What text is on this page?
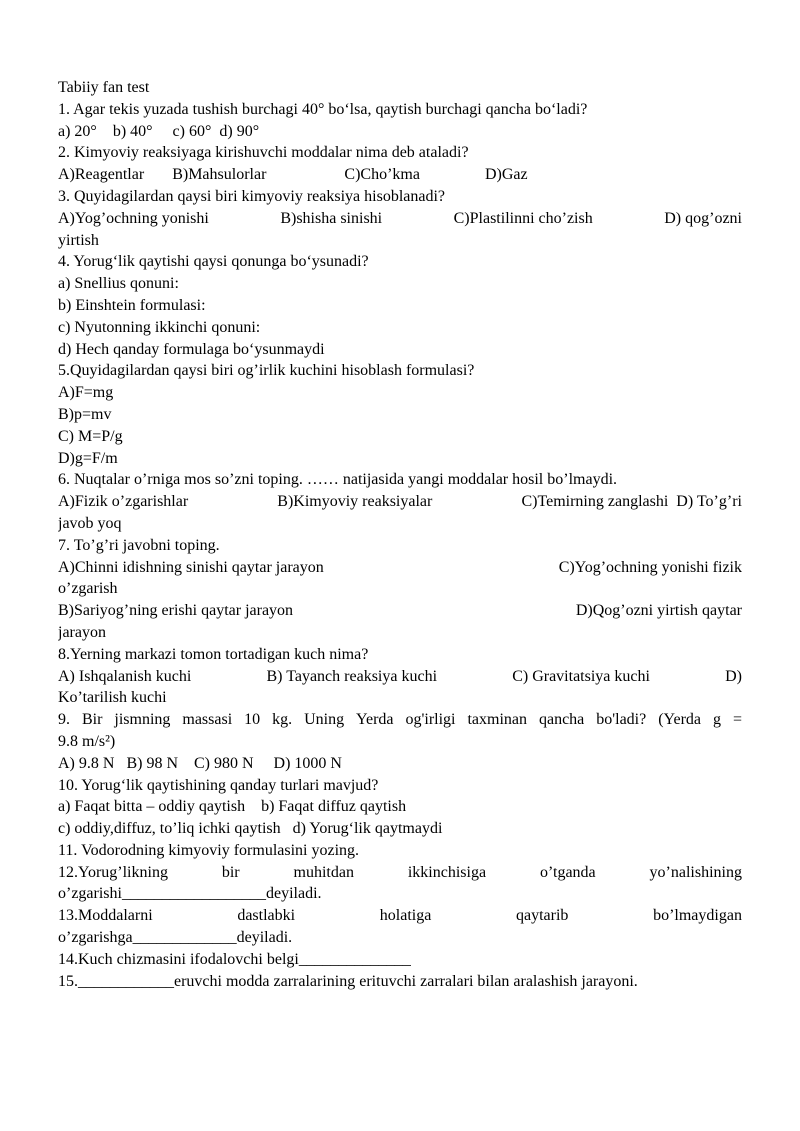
Tabiiy fan test
1. Agar tekis yuzada tushish burchagi 40° bo‘lsa, qaytish burchagi qancha bo‘ladi?
a) 20°    b) 40°     c) 60°  d) 90°
2. Kimyoviy reaksiyaga kirishuvchi moddalar nima deb ataladi?
A)Reagentlar B)Mahsulorlar	C)Cho’kma	D)Gaz
3. Quyidagilardan qaysi biri kimyoviy reaksiya hisoblanadi?
A)Yog’ochning yonishi	B)shisha sinishi	C)Plastilinni cho’zish	D) qog’ozni
yirtish
4. Yorug‘lik qaytishi qaysi qonunga bo‘ysunadi?
a) Snellius qonuni:
b) Einshtein formulasi:
c) Nyutonning ikkinchi qonuni:
d) Hech qanday formulaga bo‘ysunmaydi
5.Quyidagilardan qaysi biri og’irlik kuchini hisoblash formulasi?
A)F=mg
B)p=mv
C) M=P/g
D)g=F/m
6. Nuqtalar o’rniga mos so’zni toping. …… natijasida yangi moddalar hosil bo’lmaydi.
A)Fizik o’zgarishlar	B)Kimyoviy reaksiyalar	C)Temirning zanglashi  D) To’g’ri
javob yoq
7. To’g’ri javobni toping.
A)Chinni idishning sinishi qaytar jarayon	C)Yog’ochning yonishi fizik
o’zgarish
B)Sariyog’ning erishi qaytar jarayon	D)Qog’ozni yirtish qaytar
jarayon
8.Yerning markazi tomon tortadigan kuch nima?
A) Ishqalanish kuchi	B) Tayanch reaksiya kuchi	C) Gravitatsiya kuchi	D)
Ko’tarilish kuchi
9. Bir jismning massasi 10 kg. Uning Yerda og'irligi taxminan qancha bo'ladi? (Yerda g =
9.8 m/s²)
A) 9.8 N   B) 98 N    C) 980 N     D) 1000 N
10. Yorug‘lik qaytishining qanday turlari mavjud?
a) Faqat bitta – oddiy qaytish    b) Faqat diffuz qaytish
c) oddiy,diffuz, to’liq ichki qaytish   d) Yorug‘lik qaytmaydi
11. Vodorodning kimyoviy formulasini yozing.
12.Yorug’likning	bir	muhitdan	ikkinchisiga	o’tganda	yo’nalishining
o’zgarishi__________________deyiladi.
13.Moddalarni	dastlabki	holatiga	qaytarib	bo’lmaydigan
o’zgarishga_____________deyiladi.
14.Kuch chizmasini ifodalovchi belgi______________
15.____________eruvchi modda zarralarining erituvchi zarralari bilan aralashish jarayoni.
